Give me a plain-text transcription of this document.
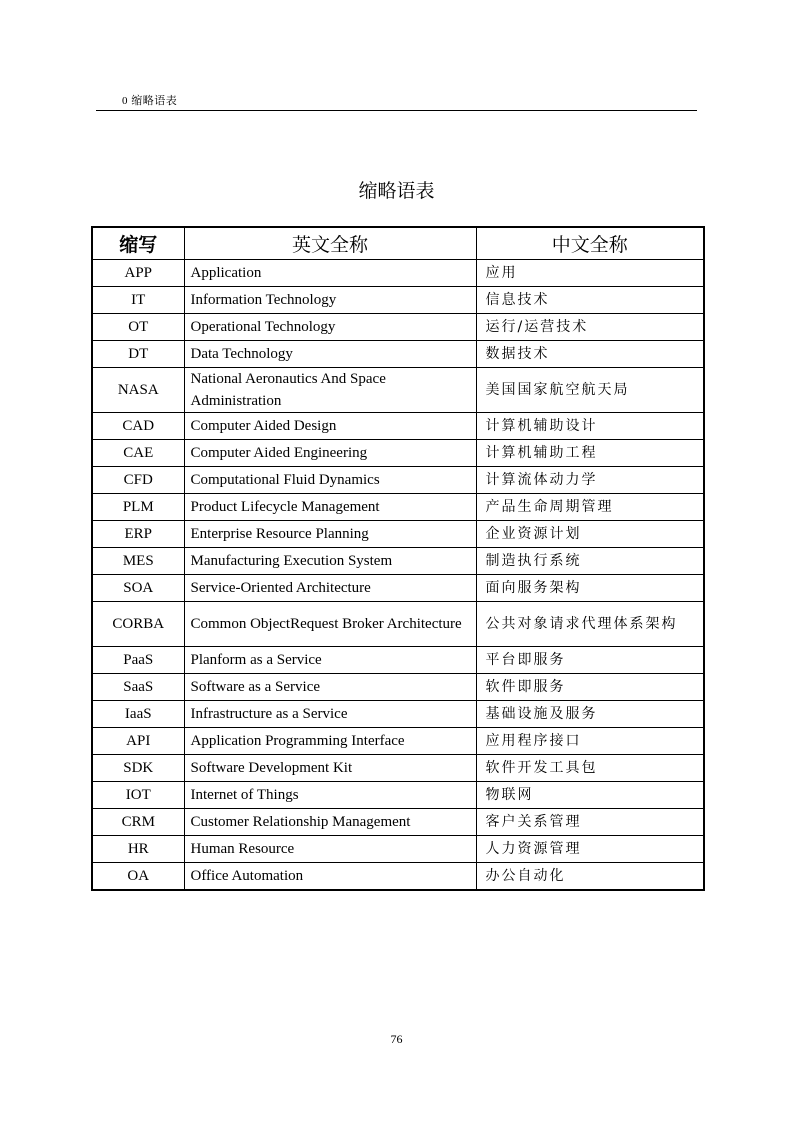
0 缩略语表
缩略语表
缩写	英文全称	中文全称
APP	Application	应用
IT	Information Technology	信息技术
OT	Operational Technology	运行/运营技术
DT	Data Technology	数据技术
NASA	National Aeronautics And Space Administration	美国国家航空航天局
CAD	Computer Aided Design	计算机辅助设计
CAE	Computer Aided Engineering	计算机辅助工程
CFD	Computational Fluid Dynamics	计算流体动力学
PLM	Product Lifecycle Management	产品生命周期管理
ERP	Enterprise Resource Planning	企业资源计划
MES	Manufacturing Execution System	制造执行系统
SOA	Service-Oriented Architecture	面向服务架构
CORBA	Common ObjectRequest Broker Architecture	公共对象请求代理体系架构
PaaS	Planform as a Service	平台即服务
SaaS	Software as a Service	软件即服务
IaaS	Infrastructure as a Service	基础设施及服务
API	Application Programming Interface	应用程序接口
SDK	Software Development Kit	软件开发工具包
IOT	Internet of Things	物联网
CRM	Customer Relationship Management	客户关系管理
HR	Human Resource	人力资源管理
OA	Office Automation	办公自动化
76
